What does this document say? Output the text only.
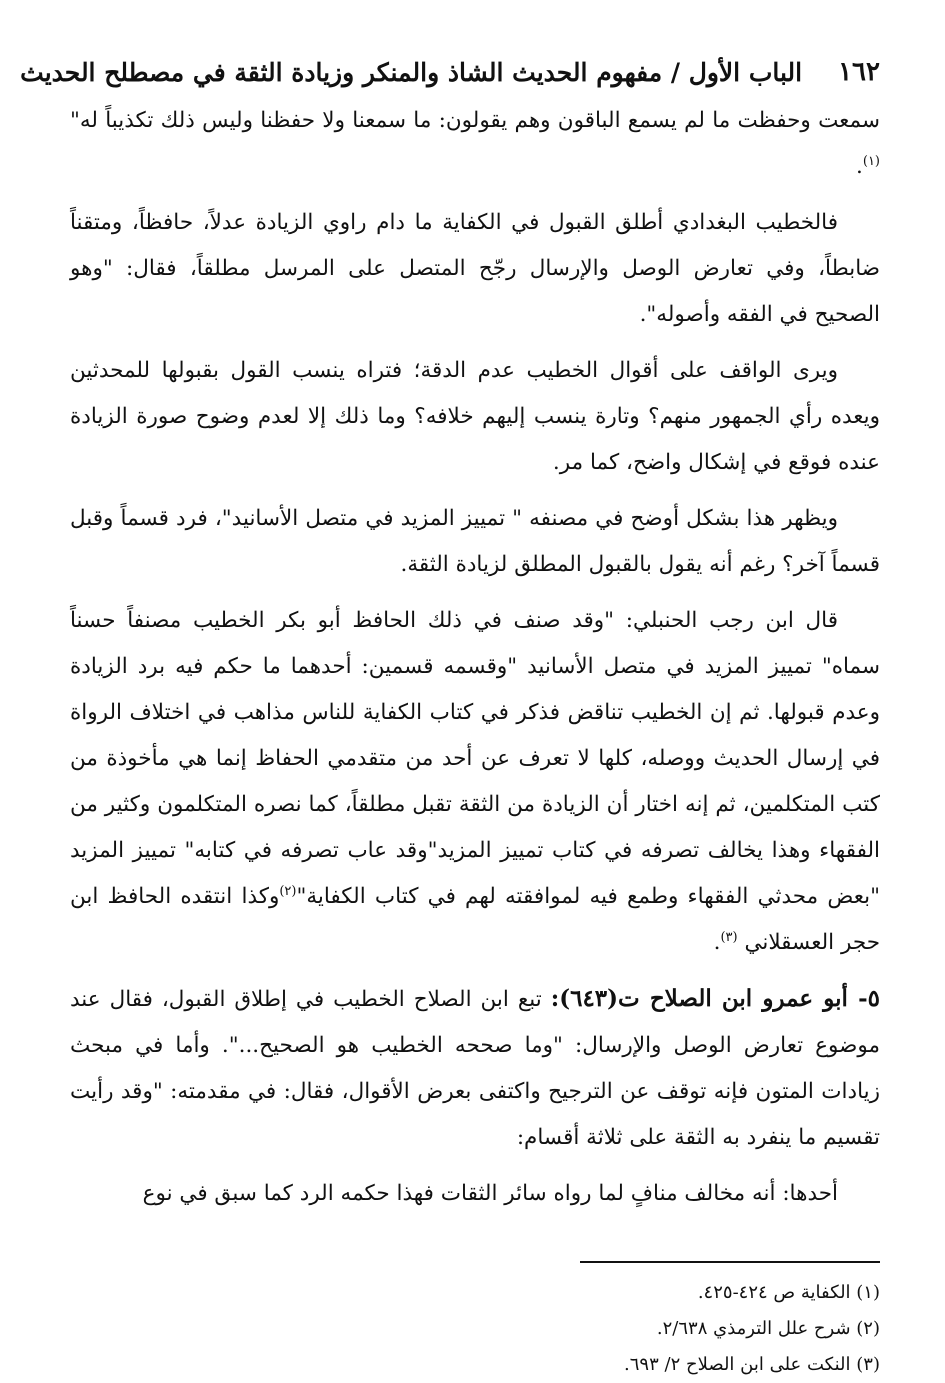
١٦٢
الباب الأول / مفهوم الحديث الشاذ والمنكر وزيادة الثقة في مصطلح الحديث

سمعت وحفظت ما لم يسمع الباقون وهم يقولون: ما سمعنا ولا حفظنا وليس ذلك تكذيباً له"$^{(١)}$.

فالخطيب البغدادي أطلق القبول في الكفاية ما دام راوي الزيادة عدلاً، حافظاً، ومتقناً ضابطاً، وفي تعارض الوصل والإرسال رجّح المتصل على المرسل مطلقاً، فقال: "وهو الصحيح في الفقه وأصوله".

ويرى الواقف على أقوال الخطيب عدم الدقة؛ فتراه ينسب القول بقبولها للمحدثين ويعده رأي الجمهور منهم؟ وتارة ينسب إليهم خلافه؟ وما ذلك إلا لعدم وضوح صورة الزيادة عنده فوقع في إشكال واضح، كما مر.

ويظهر هذا بشكل أوضح في مصنفه " تمييز المزيد في متصل الأسانيد"، فرد قسماً وقبل قسماً آخر؟ رغم أنه يقول بالقبول المطلق لزيادة الثقة.

قال ابن رجب الحنبلي: "وقد صنف في ذلك الحافظ أبو بكر الخطيب مصنفاً حسناً سماه" تمييز المزيد في متصل الأسانيد "وقسمه قسمين: أحدهما ما حكم فيه برد الزيادة وعدم قبولها. ثم إن الخطيب تناقض فذكر في كتاب الكفاية للناس مذاهب في اختلاف الرواة في إرسال الحديث ووصله، كلها لا تعرف عن أحد من متقدمي الحفاظ إنما هي مأخوذة من كتب المتكلمين، ثم إنه اختار أن الزيادة من الثقة تقبل مطلقاً، كما نصره المتكلمون وكثير من الفقهاء وهذا يخالف تصرفه في كتاب تمييز المزيد"وقد عاب تصرفه في كتابه" تمييز المزيد "بعض محدثي الفقهاء وطمع فيه لموافقته لهم في كتاب الكفاية"$^{(٢)}$وكذا انتقده الحافظ ابن حجر العسقلاني $^{(٣)}$.

٥- أبو عمرو ابن الصلاح ت(٦٤٣): تبع ابن الصلاح الخطيب في إطلاق القبول، فقال عند موضوع تعارض الوصل والإرسال: "وما صححه الخطيب هو الصحيح...". وأما في مبحث زيادات المتون فإنه توقف عن الترجيح واكتفى بعرض الأقوال، فقال: في مقدمته: "وقد رأيت تقسيم ما ينفرد به الثقة على ثلاثة أقسام:

أحدها: أنه مخالف منافٍ لما رواه سائر الثقات فهذا حكمه الرد كما سبق في نوع

(١) الكفاية ص ٤٢٤-٤٢٥.
(٢) شرح علل الترمذي ٢/٦٣٨.
(٣) النكت على ابن الصلاح ٢/ ٦٩٣.
